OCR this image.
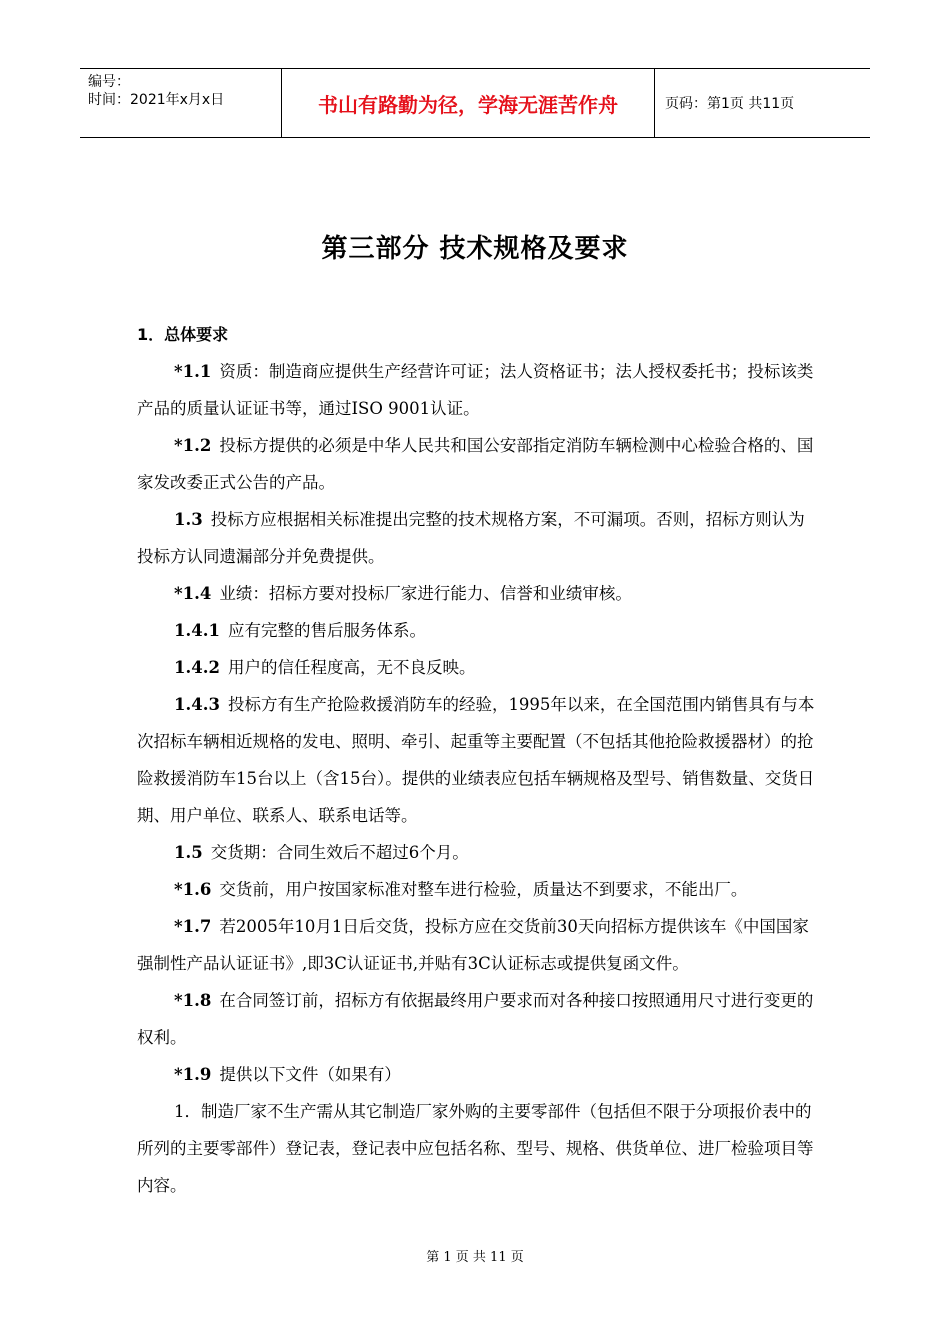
编号：
时间：2021年x月x日	书山有路勤为径，学海无涯苦作舟	页码：第1页 共11页
第三部分 技术规格及要求

1．总体要求

*1.1 资质：制造商应提供生产经营许可证；法人资格证书；法人授权委托书；投标该类产品的质量认证证书等，通过ISO 9001认证。

*1.2 投标方提供的必须是中华人民共和国公安部指定消防车辆检测中心检验合格的、国家发改委正式公告的产品。

1.3 投标方应根据相关标准提出完整的技术规格方案，不可漏项。否则，招标方则认为投标方认同遗漏部分并免费提供。

*1.4 业绩：招标方要对投标厂家进行能力、信誉和业绩审核。

1.4.1 应有完整的售后服务体系。

1.4.2 用户的信任程度高，无不良反映。

1.4.3 投标方有生产抢险救援消防车的经验，1995年以来，在全国范围内销售具有与本次招标车辆相近规格的发电、照明、牵引、起重等主要配置（不包括其他抢险救援器材）的抢险救援消防车15台以上（含15台）。提供的业绩表应包括车辆规格及型号、销售数量、交货日期、用户单位、联系人、联系电话等。

1.5 交货期：合同生效后不超过6个月。

*1.6 交货前，用户按国家标准对整车进行检验，质量达不到要求，不能出厂。

*1.7 若2005年10月1日后交货，投标方应在交货前30天向招标方提供该车《中国国家强制性产品认证证书》,即3C认证证书,并贴有3C认证标志或提供复函文件。

*1.8 在合同签订前，招标方有依据最终用户要求而对各种接口按照通用尺寸进行变更的权利。

*1.9 提供以下文件（如果有）

1．制造厂家不生产需从其它制造厂家外购的主要零部件（包括但不限于分项报价表中的所列的主要零部件）登记表，登记表中应包括名称、型号、规格、供货单位、进厂检验项目等内容。

第 1 页 共 11 页
